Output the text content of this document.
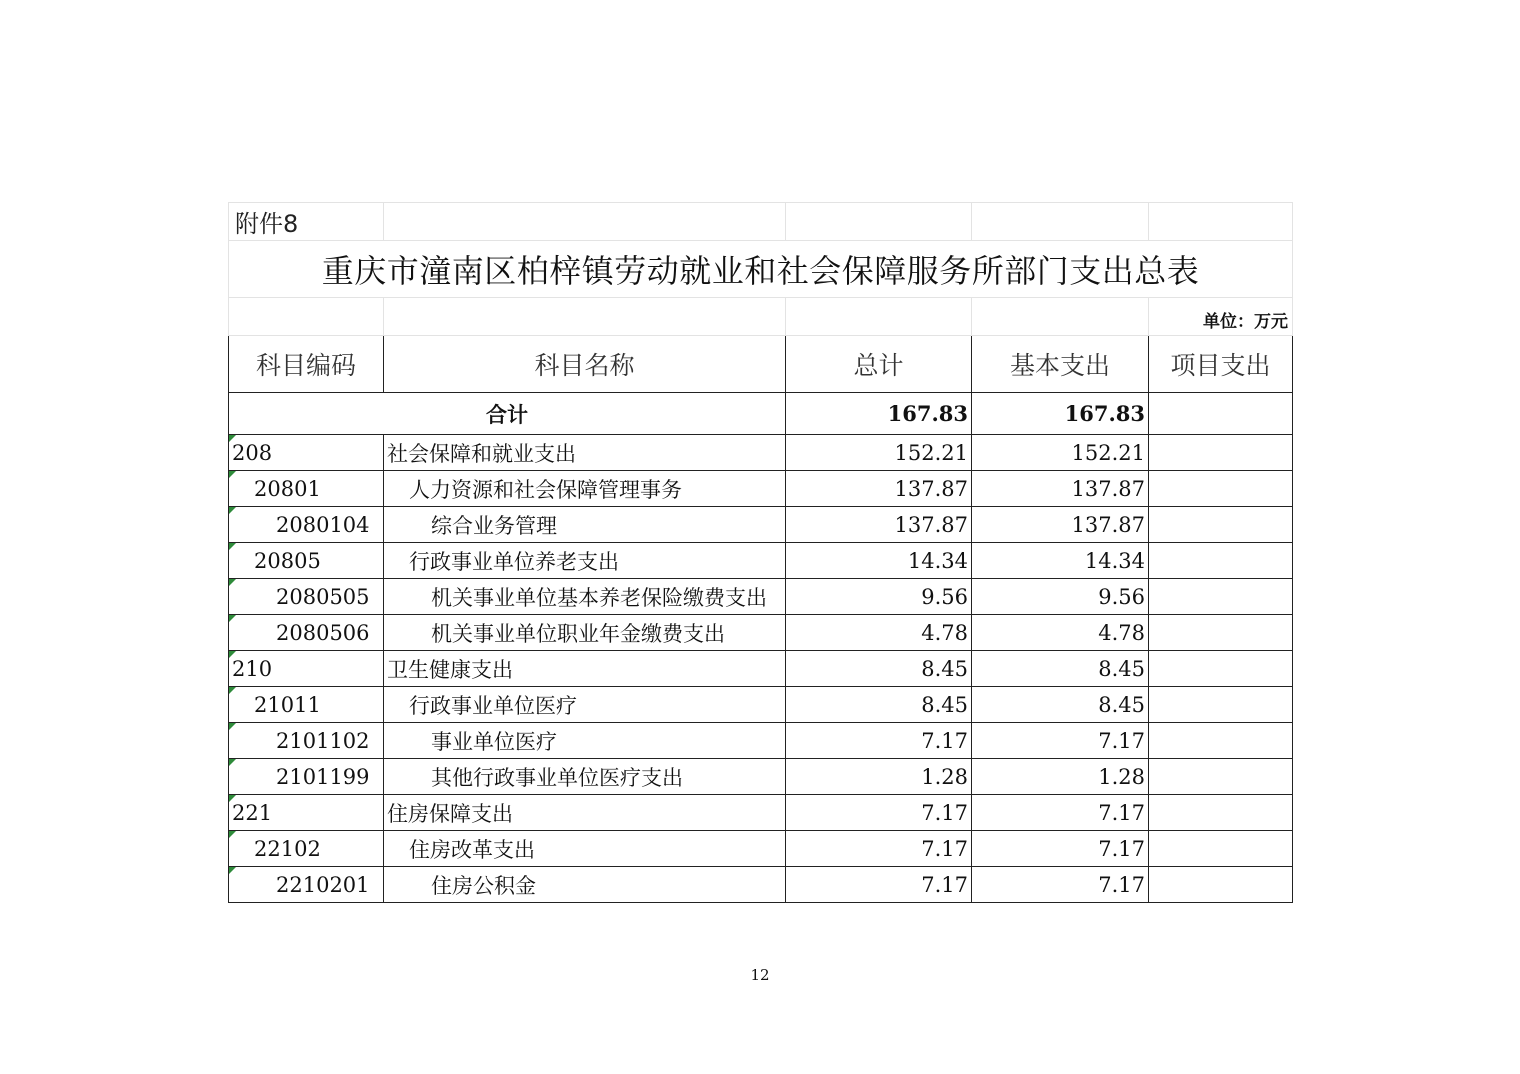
附件8				
重庆市潼南区柏梓镇劳动就业和社会保障服务所部门支出总表				
				单位：万元
科目编码	科目名称	总计	基本支出	项目支出
合计		167.83	167.83	

208	社会保障和就业支出	152.21	152.21	

20801	人力资源和社会保障管理事务	137.87	137.87	

2080104	综合业务管理	137.87	137.87	

20805	行政事业单位养老支出	14.34	14.34	

2080505	机关事业单位基本养老保险缴费支出	9.56	9.56	

2080506	机关事业单位职业年金缴费支出	4.78	4.78	

210	卫生健康支出	8.45	8.45	

21011	行政事业单位医疗	8.45	8.45	

2101102	事业单位医疗	7.17	7.17	

2101199	其他行政事业单位医疗支出	1.28	1.28	

221	住房保障支出	7.17	7.17	

22102	住房改革支出	7.17	7.17	

2210201	住房公积金	7.17	7.17	
12
